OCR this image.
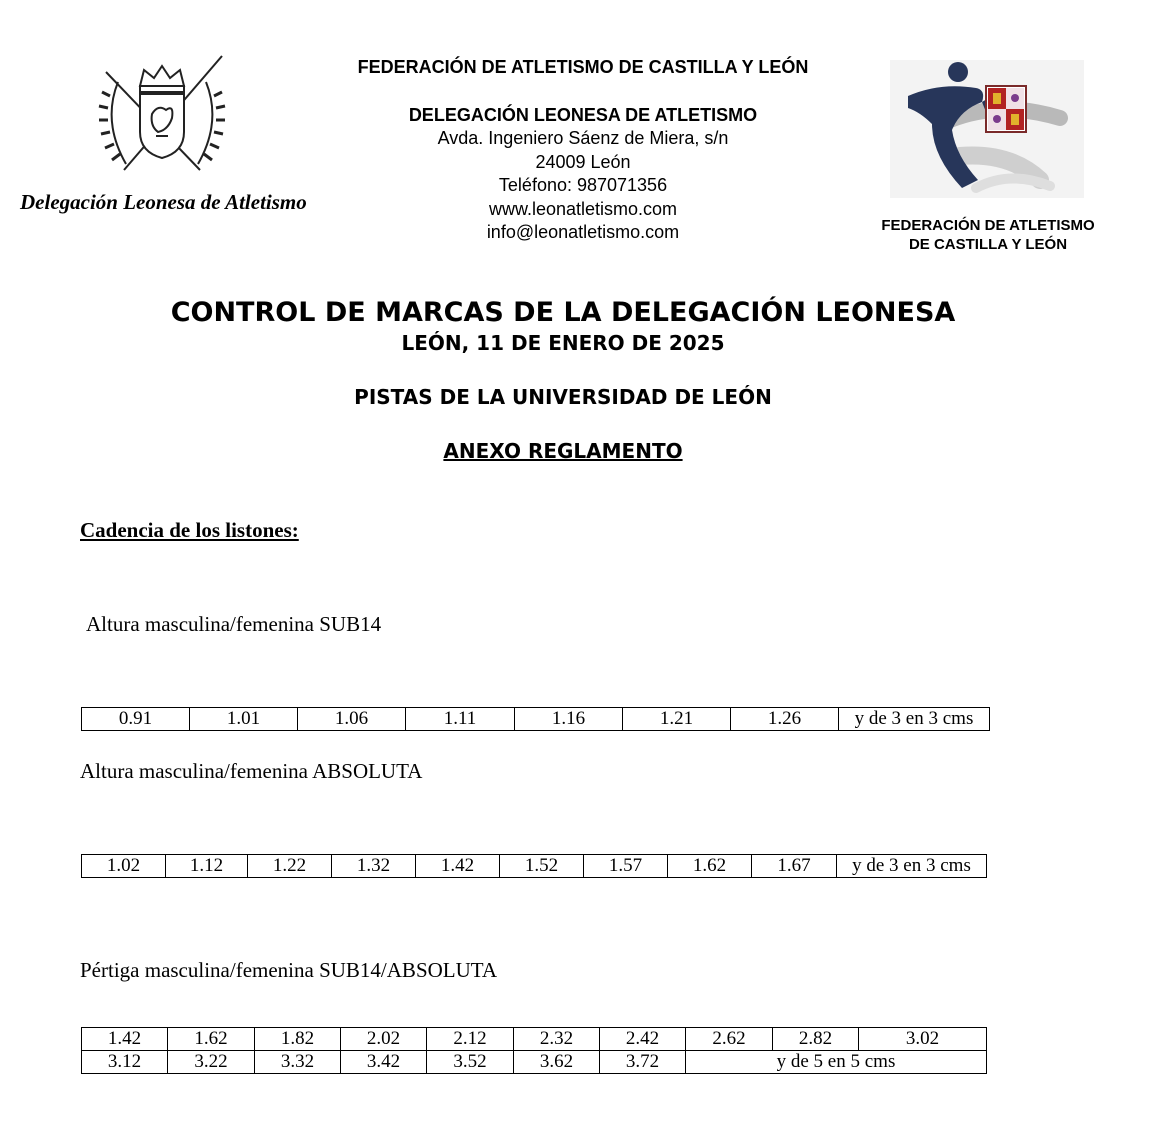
Delegación Leonesa de Atletismo
FEDERACIÓN DE ATLETISMO DE CASTILLA Y LEÓN
DELEGACIÓN LEONESA DE ATLETISMO
Avda. Ingeniero Sáenz de Miera, s/n
24009 León
Teléfono: 987071356
www.leonatletismo.com
info@leonatletismo.com	FEDERACIÓN DE ATLETISMO
DE CASTILLA Y LEÓN
CONTROL DE MARCAS DE LA DELEGACIÓN LEONESA
LEÓN, 11 DE ENERO DE 2025
PISTAS DE LA UNIVERSIDAD DE LEÓN
ANEXO REGLAMENTO
Cadencia de los listones:
Altura masculina/femenina SUB14
0.91	1.01	1.06	1.11	1.16	1.21	1.26	y de 3 en 3 cms
Altura masculina/femenina ABSOLUTA
1.02	1.12	1.22	1.32	1.42	1.52	1.57	1.62	1.67	y de 3 en 3 cms
Pértiga masculina/femenina SUB14/ABSOLUTA
1.42	1.62	1.82	2.02	2.12	2.32	2.42	2.62	2.82	3.02
3.12	3.22	3.32	3.42	3.52	3.62	3.72	y de 5 en 5 cms		
